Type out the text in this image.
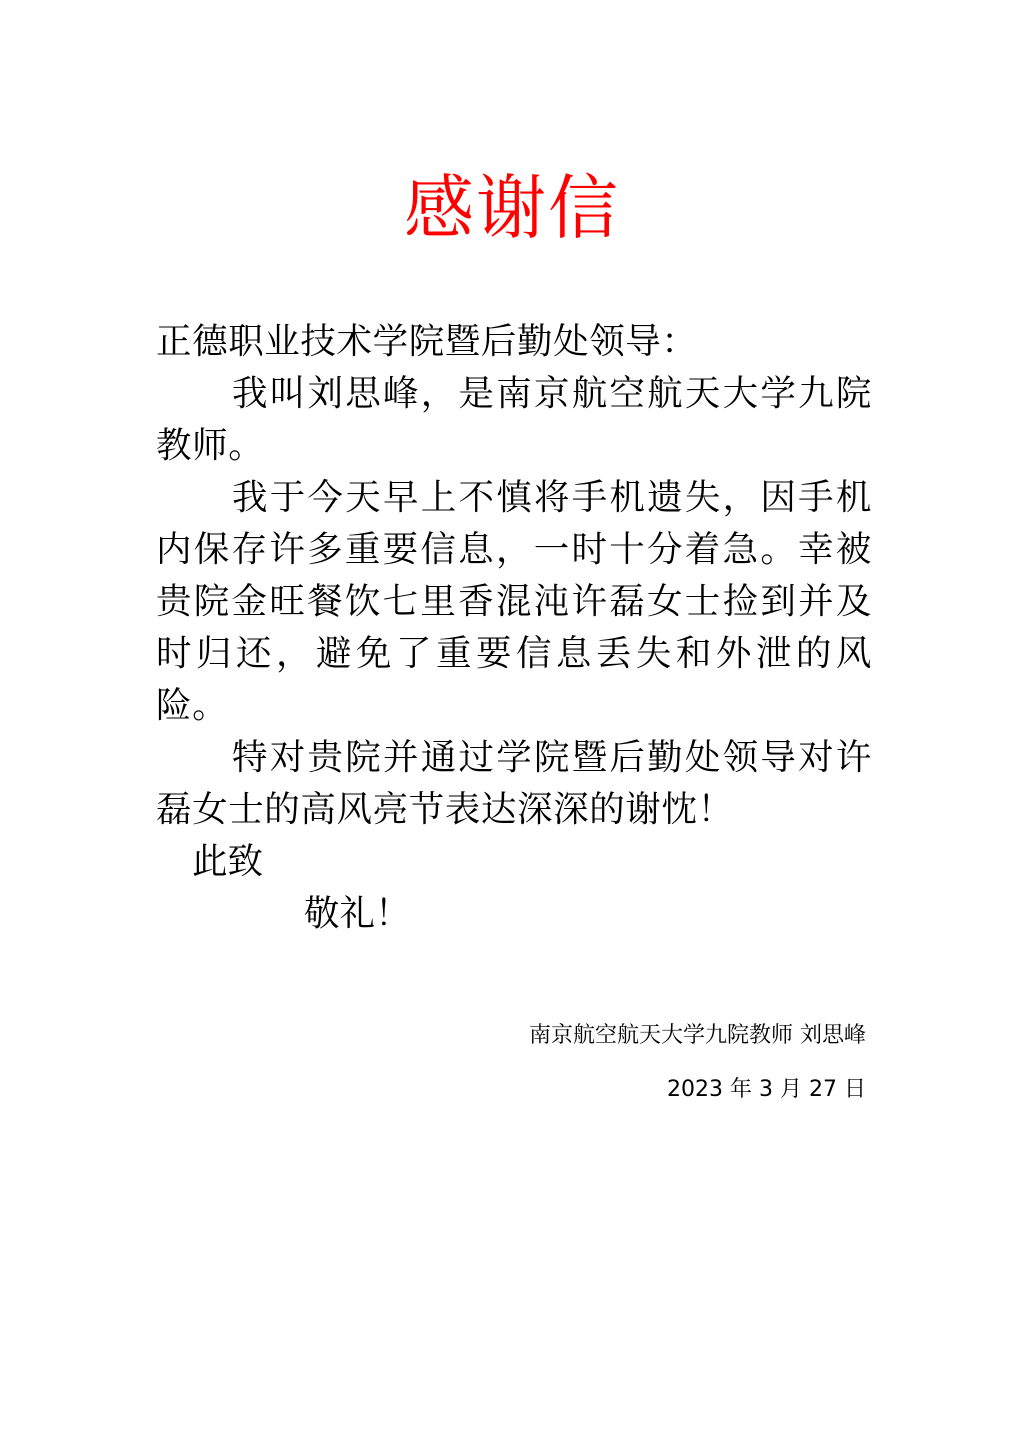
感谢信
正德职业技术学院暨后勤处领导：
我叫刘思峰，是南京航空航天大学九院教师。
我于今天早上不慎将手机遗失，因手机内保存许多重要信息，一时十分着急。幸被贵院金旺餐饮七里香混沌许磊女士捡到并及时归还，避免了重要信息丢失和外泄的风险。
特对贵院并通过学院暨后勤处领导对许磊女士的高风亮节表达深深的谢忱！
此致
敬礼！
南京航空航天大学九院教师 刘思峰
2023 年 3 月 27 日
